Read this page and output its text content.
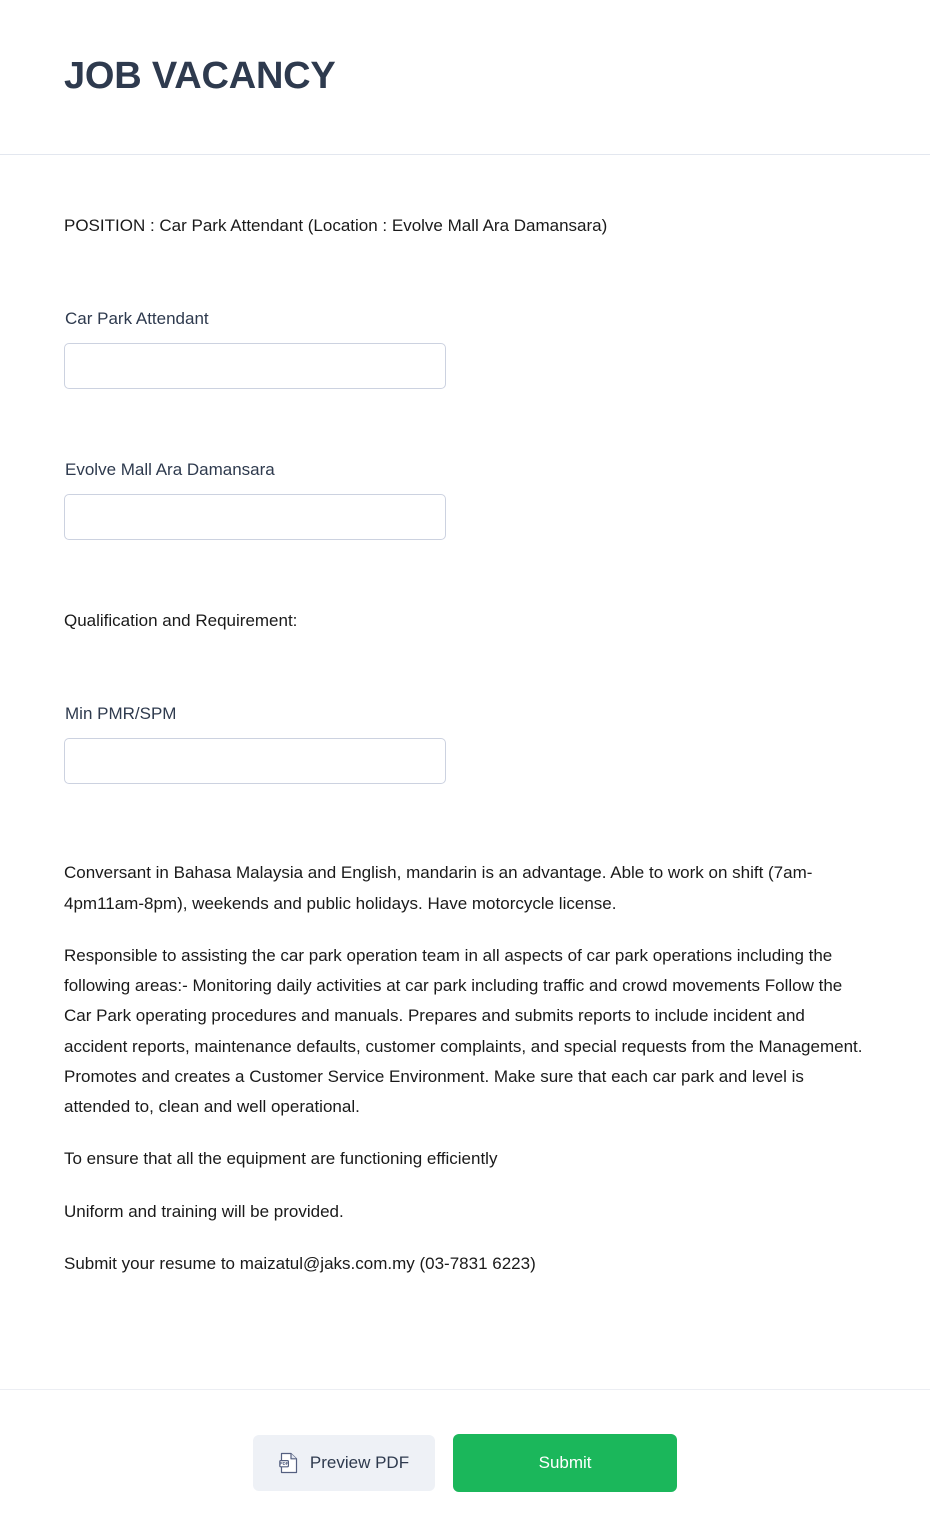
JOB VACANCY

POSITION : Car Park Attendant (Location : Evolve Mall Ara Damansara)

Car Park Attendant
Evolve Mall Ara Damansara

Qualification and Requirement:

Min PMR/SPM

Conversant in Bahasa Malaysia and English, mandarin is an advantage. Able to work on shift (7am-4pm11am-8pm), weekends and public holidays. Have motorcycle license.

Responsible to assisting the car park operation team in all aspects of car park operations including the following areas:- Monitoring daily activities at car park including traffic and crowd movements Follow the Car Park operating procedures and manuals. Prepares and submits reports to include incident and accident reports, maintenance defaults, customer complaints, and special requests from the Management. Promotes and creates a Customer Service Environment. Make sure that each car park and level is attended to, clean and well operational.

To ensure that all the equipment are functioning efficiently

Uniform and training will be provided.

Submit your resume to maizatul@jaks.com.my (03-7831 6223)

PDF Preview PDF	Submit
